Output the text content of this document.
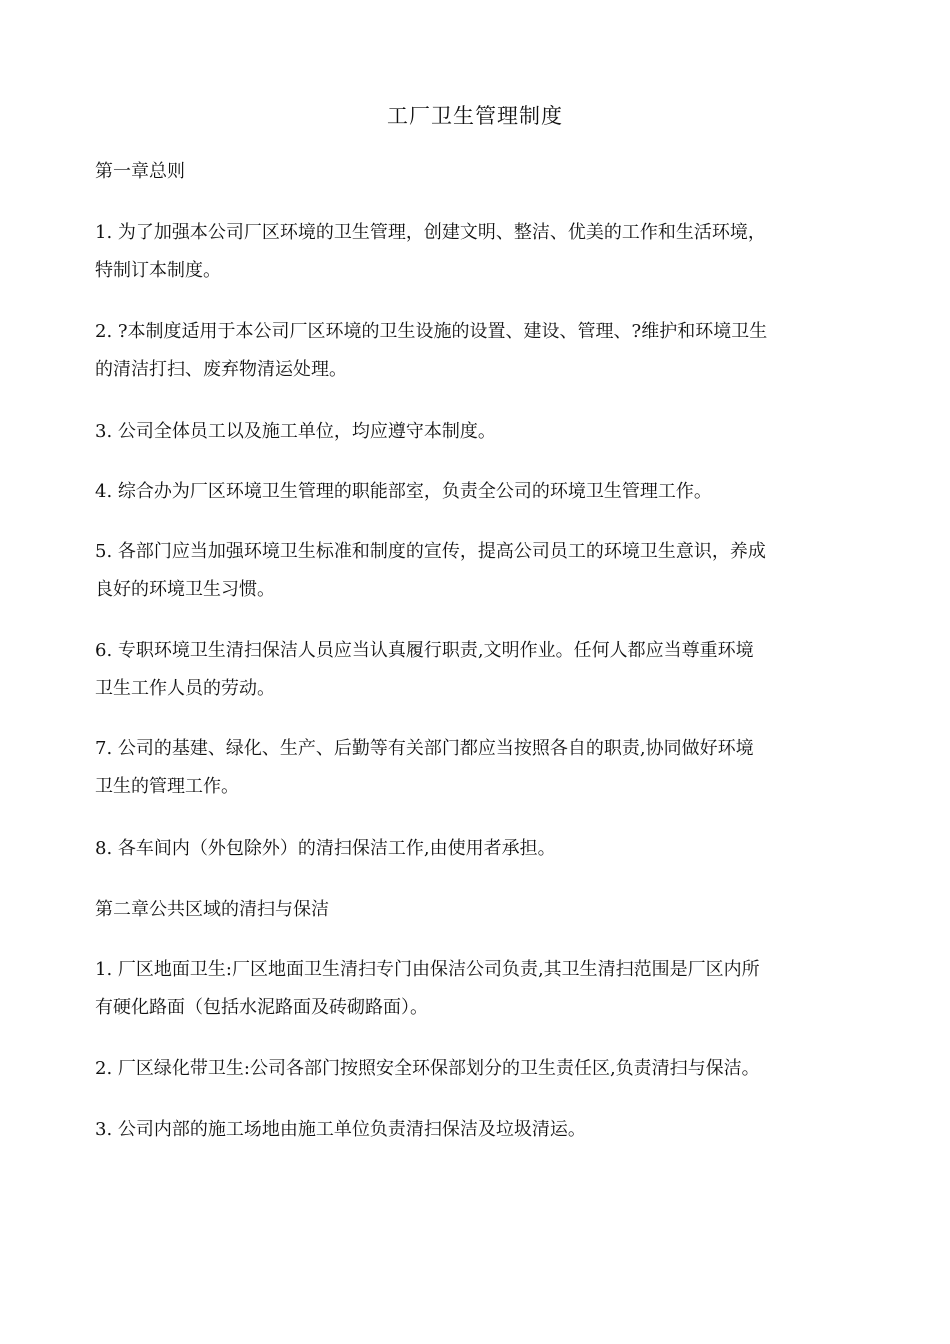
工厂卫生管理制度
第一章总则
1. 为了加强本公司厂区环境的卫生管理，创建文明、整洁、优美的工作和生活环境，
特制订本制度。
2. ?本制度适用于本公司厂区环境的卫生设施的设置、建设、管理、?维护和环境卫生
的清洁打扫、废弃物清运处理。
3. 公司全体员工以及施工单位，均应遵守本制度。
4. 综合办为厂区环境卫生管理的职能部室，负责全公司的环境卫生管理工作。
5. 各部门应当加强环境卫生标准和制度的宣传，提高公司员工的环境卫生意识，养成
良好的环境卫生习惯。
6. 专职环境卫生清扫保洁人员应当认真履行职责,文明作业。任何人都应当尊重环境
卫生工作人员的劳动。
7. 公司的基建、绿化、生产、后勤等有关部门都应当按照各自的职责,协同做好环境
卫生的管理工作。
8. 各车间内（外包除外）的清扫保洁工作,由使用者承担。
第二章公共区域的清扫与保洁
1. 厂区地面卫生:厂区地面卫生清扫专门由保洁公司负责,其卫生清扫范围是厂区内所
有硬化路面（包括水泥路面及砖砌路面）。
2. 厂区绿化带卫生:公司各部门按照安全环保部划分的卫生责任区,负责清扫与保洁。
3. 公司内部的施工场地由施工单位负责清扫保洁及垃圾清运。
